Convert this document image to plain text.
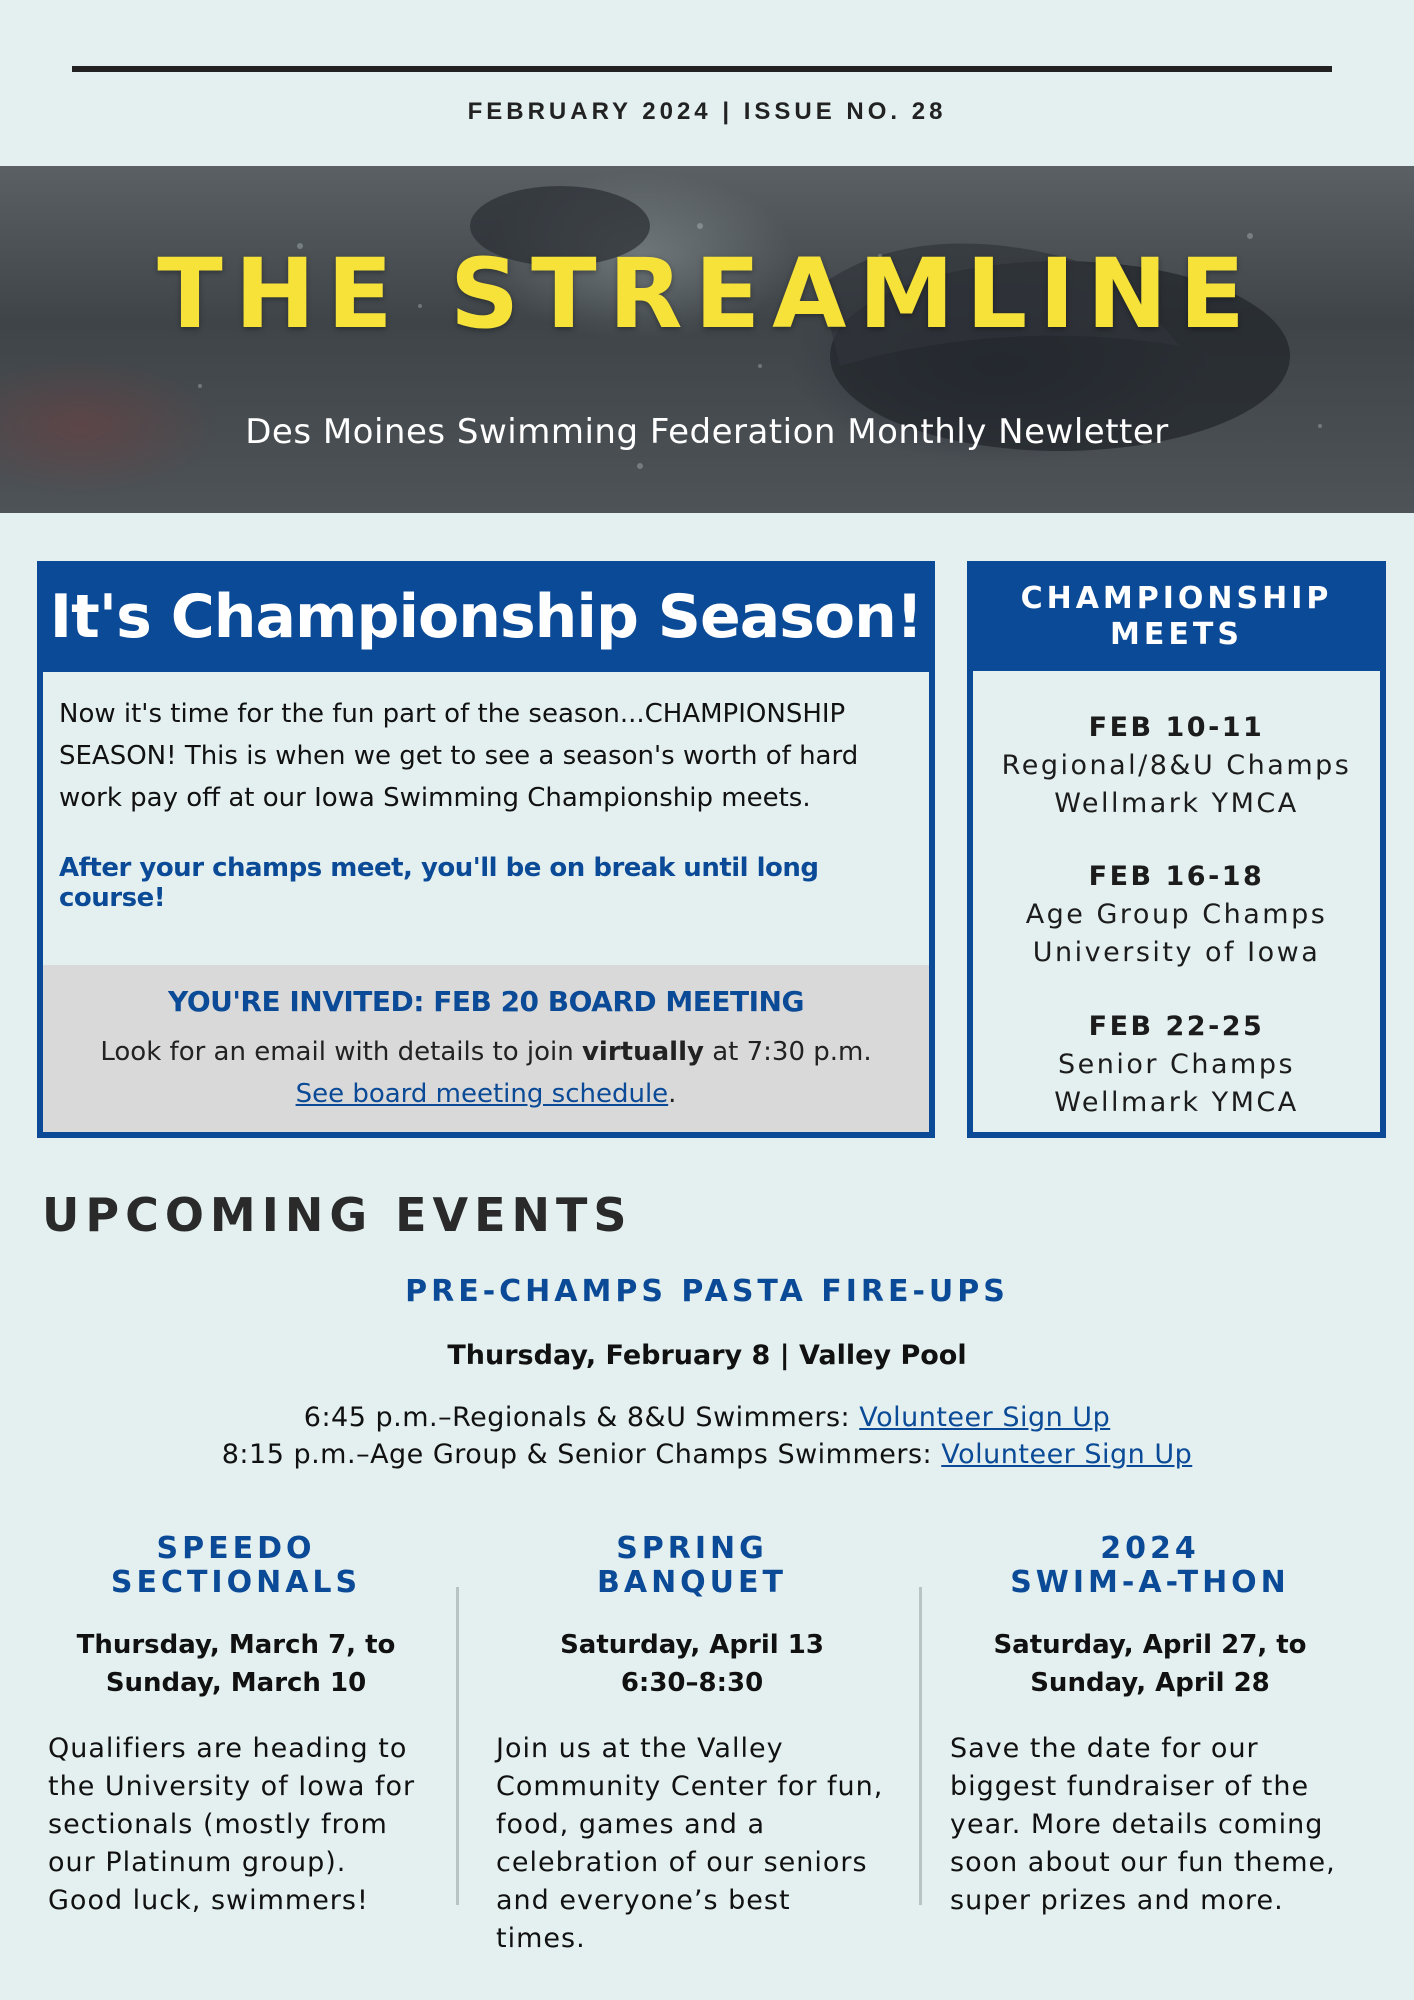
FEBRUARY 2024 | ISSUE NO. 28
THE STREAMLINE
Des Moines Swimming Federation Monthly Newletter
It's Championship Season!
Now it's time for the fun part of the season...CHAMPIONSHIP SEASON! This is when we get to see a season's worth of hard work pay off at our Iowa Swimming Championship meets.
After your champs meet, you'll be on break until long course!
YOU'RE INVITED: FEB 20 BOARD MEETING
Look for an email with details to join virtually at 7:30 p.m.
See board meeting schedule.
CHAMPIONSHIP
MEETS
FEB 10-11
Regional/8&U Champs
Wellmark YMCA
FEB 16-18
Age Group Champs
University of Iowa
FEB 22-25
Senior Champs
Wellmark YMCA
UPCOMING EVENTS
PRE-CHAMPS PASTA FIRE-UPS
Thursday, February 8 | Valley Pool
6:45 p.m.–Regionals & 8&U Swimmers: Volunteer Sign Up
8:15 p.m.–Age Group & Senior Champs Swimmers: Volunteer Sign Up
SPEEDO
SECTIONALS
Thursday, March 7, to
Sunday, March 10
Qualifiers are heading to the University of Iowa for sectionals (mostly from our Platinum group). Good luck, swimmers!
SPRING
BANQUET
Saturday, April 13
6:30–8:30
Join us at the Valley Community Center for fun, food, games and a celebration of our seniors and everyone’s best times.
2024
SWIM-A-THON
Saturday, April 27, to
Sunday, April 28
Save the date for our biggest fundraiser of the year. More details coming soon about our fun theme, super prizes and more.
